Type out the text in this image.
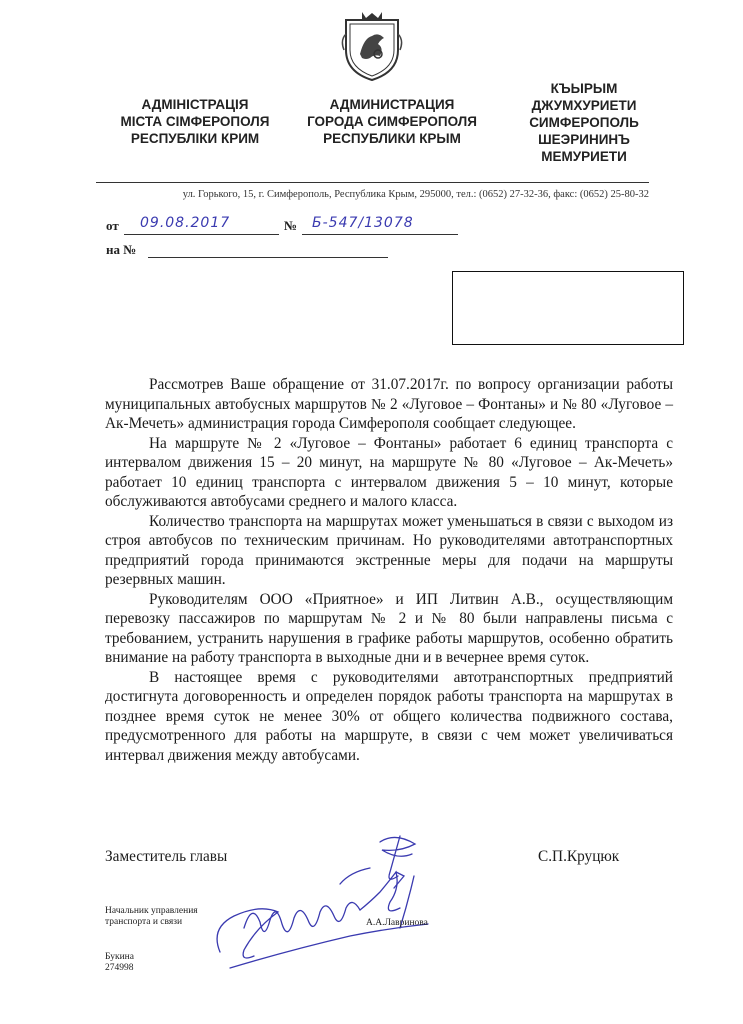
АДМІНІСТРАЦІЯ
МІСТА СІМФЕРОПОЛЯ
РЕСПУБЛІКИ КРИМ
АДМИНИСТРАЦИЯ
ГОРОДА СИМФЕРОПОЛЯ
РЕСПУБЛИКИ КРЫМ
КЪЫРЫМ
ДЖУМХУРИЕТИ
СИМФЕРОПОЛЬ
ШЕЭРИНИНЪ
МЕМУРИЕТИ
ул. Горького, 15, г. Симферополь, Республика Крым, 295000, тел.: (0652) 27-32-36, факс: (0652) 25-80-32
от 09.08.2017	№ Б-547/13078
на №

Рассмотрев Ваше обращение от 31.07.2017г. по вопросу организации работы муниципальных автобусных маршрутов № 2 «Луговое – Фонтаны» и № 80 «Луговое – Ак-Мечеть» администрация города Симферополя сообщает следующее.

На маршруте № 2 «Луговое – Фонтаны» работает 6 единиц транспорта с интервалом движения 15 – 20 минут, на маршруте № 80 «Луговое – Ак-Мечеть» работает 10 единиц транспорта с интервалом движения 5 – 10 минут, которые обслуживаются автобусами среднего и малого класса.

Количество транспорта на маршрутах может уменьшаться в связи с выходом из строя автобусов по техническим причинам. Но руководителями автотранспортных предприятий города принимаются экстренные меры для подачи на маршруты резервных машин.

Руководителям ООО «Приятное» и ИП Литвин А.В., осуществляющим перевозку пассажиров по маршрутам № 2 и № 80 были направлены письма с требованием, устранить нарушения в графике работы маршрутов, особенно обратить внимание на работу транспорта в выходные дни и в вечернее время суток.

В настоящее время с руководителями автотранспортных предприятий достигнута договоренность и определен порядок работы транспорта на маршрутах в позднее время суток не менее 30% от общего количества подвижного состава, предусмотренного для работы на маршруте, в связи с чем может увеличиваться интервал движения между автобусами.

Заместитель главы	С.П.Круцюк
Начальник управления
транспорта и связи	А.А.Лавринова
Букина
274998
